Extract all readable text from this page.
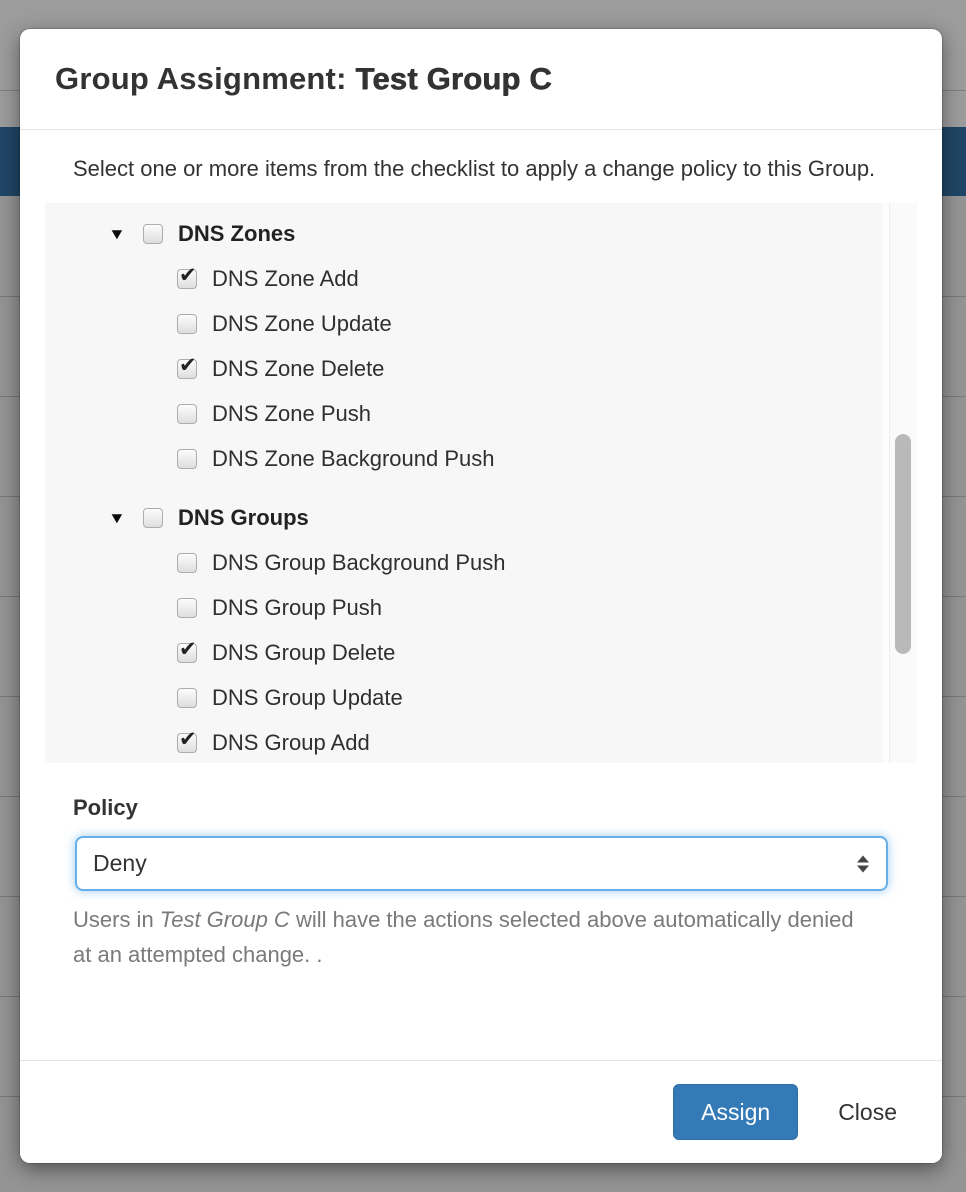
Group Assignment: Test Group C

Select one or more items from the checklist to apply a change policy to this Group.

▼ DNS Zones
✔ DNS Zone Add
DNS Zone Update
✔ DNS Zone Delete
DNS Zone Push
DNS Zone Background Push
▼ DNS Groups
DNS Group Background Push
DNS Group Push
✔ DNS Group Delete
DNS Group Update
✔ DNS Group Add
Policy
Deny

Users in Test Group C will have the actions selected above automatically denied at an attempted change. .

Assign	Close
